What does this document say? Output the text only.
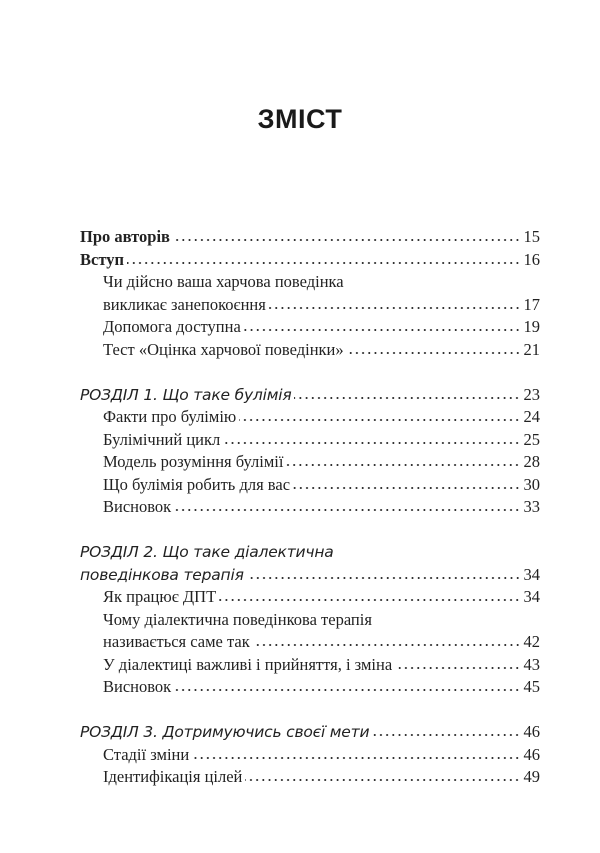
ЗМІСТ
Про авторів	15
Вступ	16
Чи дійсно ваша харчова поведінка
викликає занепокоєння	17
Допомога доступна	19
Тест «Оцінка харчової поведінки»	21
РОЗДІЛ 1. Що таке булімія	23
Факти про булімію	24
Булімічний цикл	25
Модель розуміння булімії	28
Що булімія робить для вас	30
Висновок	33
РОЗДІЛ 2. Що таке діалектична
поведінкова терапія	34
Як працює ДПТ	34
Чому діалектична поведінкова терапія
називається саме так	42
У діалектиці важливі і прийняття, і зміна	43
Висновок	45
РОЗДІЛ 3. Дотримуючись своєї мети	46
Стадії зміни	46
Ідентифікація цілей	49
